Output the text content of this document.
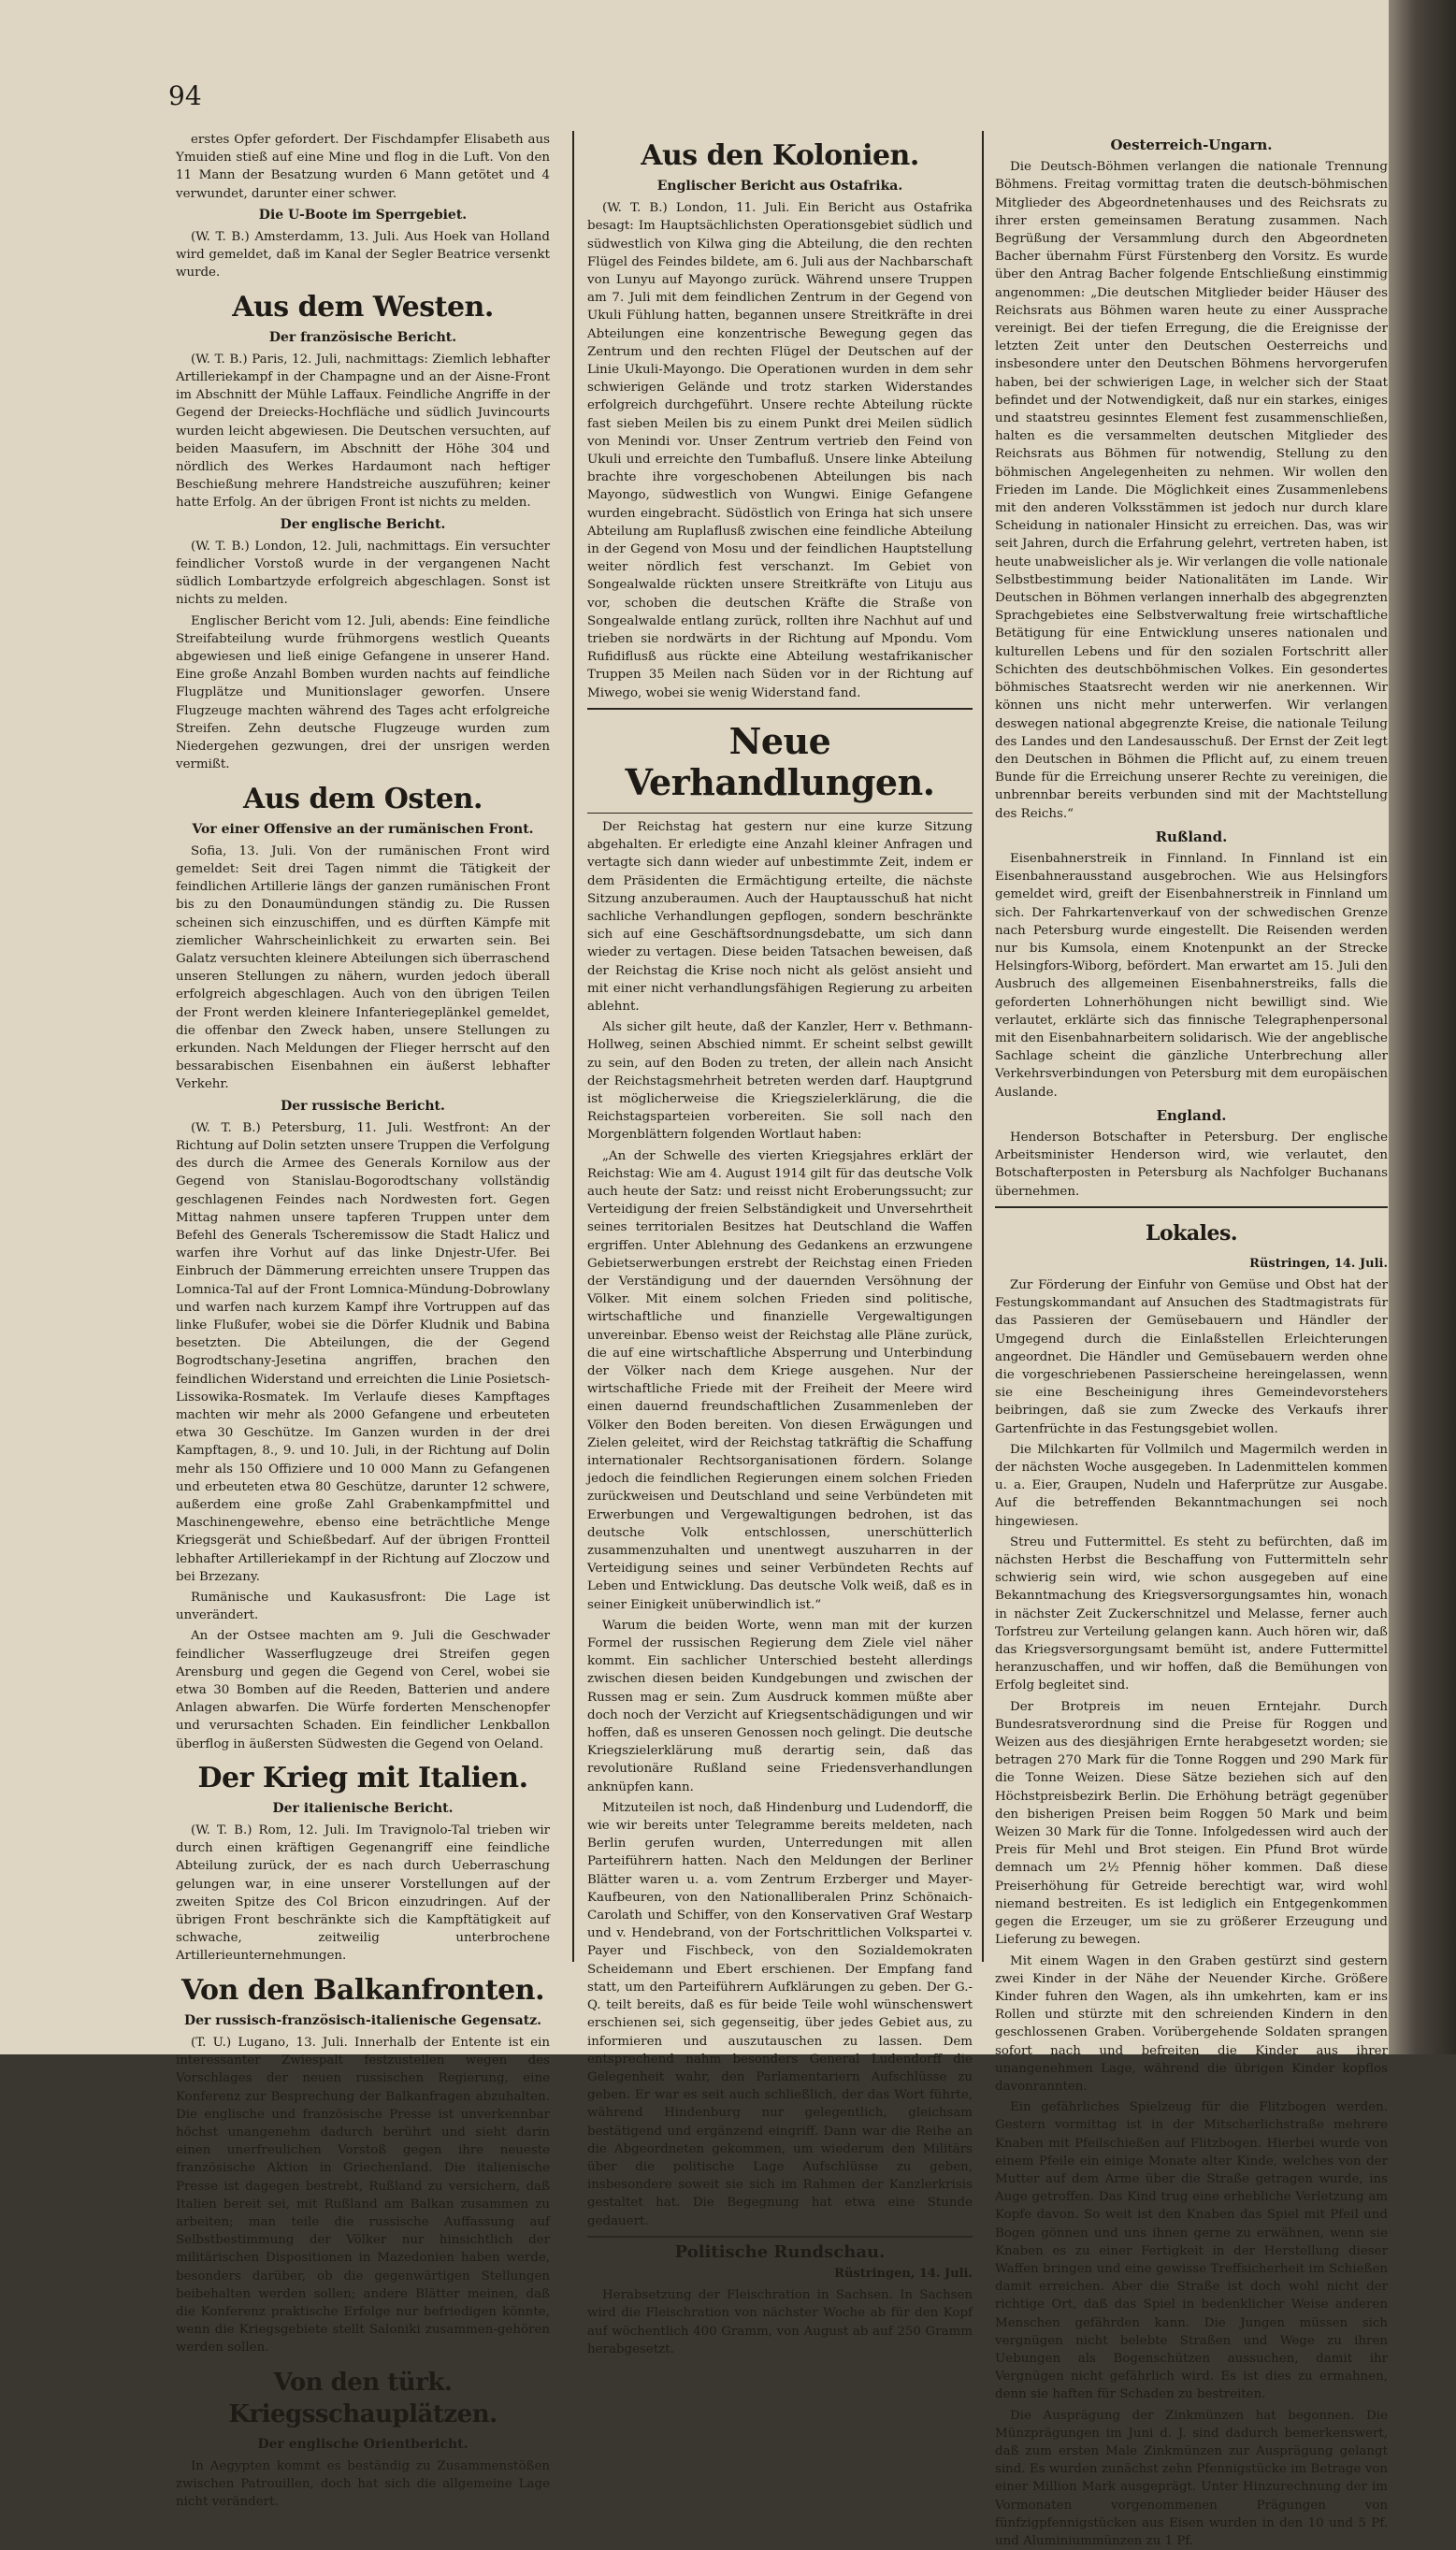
94

erstes Opfer gefordert. Der Fischdampfer Elisabeth aus Ymuiden stieß auf eine Mine und flog in die Luft. Von den 11 Mann der Besatzung wurden 6 Mann getötet und 4 verwundet, darunter einer schwer.

Die U-Boote im Sperrgebiet.

(W. T. B.) Amsterdamm, 13. Juli. Aus Hoek van Holland wird gemeldet, daß im Kanal der Segler Beatrice versenkt wurde.

Aus dem Westen.
Der französische Bericht.

(W. T. B.) Paris, 12. Juli, nachmittags: Ziemlich lebhafter Artilleriekampf in der Champagne und an der Aisne-Front im Abschnitt der Mühle Laffaux. Feindliche Angriffe in der Gegend der Dreiecks-Hochfläche und südlich Juvincourts wurden leicht abgewiesen. Die Deutschen versuchten, auf beiden Maasufern, im Abschnitt der Höhe 304 und nördlich des Werkes Hardaumont nach heftiger Beschießung mehrere Handstreiche auszuführen; keiner hatte Erfolg. An der übrigen Front ist nichts zu melden.

Der englische Bericht.

(W. T. B.) London, 12. Juli, nachmittags. Ein versuchter feindlicher Vorstoß wurde in der vergangenen Nacht südlich Lombartzyde erfolgreich abgeschlagen. Sonst ist nichts zu melden.

Englischer Bericht vom 12. Juli, abends: Eine feindliche Streifabteilung wurde frühmorgens westlich Queants abgewiesen und ließ einige Gefangene in unserer Hand. Eine große Anzahl Bomben wurden nachts auf feindliche Flugplätze und Munitionslager geworfen. Unsere Flugzeuge machten während des Tages acht erfolgreiche Streifen. Zehn deutsche Flugzeuge wurden zum Niedergehen gezwungen, drei der unsrigen werden vermißt.

Aus dem Osten.
Vor einer Offensive an der rumänischen Front.

Sofia, 13. Juli. Von der rumänischen Front wird gemeldet: Seit drei Tagen nimmt die Tätigkeit der feindlichen Artillerie längs der ganzen rumänischen Front bis zu den Donaumündungen ständig zu. Die Russen scheinen sich einzuschiffen, und es dürften Kämpfe mit ziemlicher Wahrscheinlichkeit zu erwarten sein. Bei Galatz versuchten kleinere Abteilungen sich überraschend unseren Stellungen zu nähern, wurden jedoch überall erfolgreich abgeschlagen. Auch von den übrigen Teilen der Front werden kleinere Infanteriegeplänkel gemeldet, die offenbar den Zweck haben, unsere Stellungen zu erkunden. Nach Meldungen der Flieger herrscht auf den bessarabischen Eisenbahnen ein äußerst lebhafter Verkehr.

Der russische Bericht.

(W. T. B.) Petersburg, 11. Juli. Westfront: An der Richtung auf Dolin setzten unsere Truppen die Verfolgung des durch die Armee des Generals Kornilow aus der Gegend von Stanislau-Bogorodtschany vollständig geschlagenen Feindes nach Nordwesten fort. Gegen Mittag nahmen unsere tapferen Truppen unter dem Befehl des Generals Tscheremissow die Stadt Halicz und warfen ihre Vorhut auf das linke Dnjestr-Ufer. Bei Einbruch der Dämmerung erreichten unsere Truppen das Lomnica-Tal auf der Front Lomnica-Mündung-Dobrowlany und warfen nach kurzem Kampf ihre Vortruppen auf das linke Flußufer, wobei sie die Dörfer Kludnik und Babina besetzten. Die Abteilungen, die der Gegend Bogrodtschany-Jesetina angriffen, brachen den feindlichen Widerstand und erreichten die Linie Posietsch-Lissowika-Rosmatek. Im Verlaufe dieses Kampftages machten wir mehr als 2000 Gefangene und erbeuteten etwa 30 Geschütze. Im Ganzen wurden in der drei Kampftagen, 8., 9. und 10. Juli, in der Richtung auf Dolin mehr als 150 Offiziere und 10 000 Mann zu Gefangenen und erbeuteten etwa 80 Geschütze, darunter 12 schwere, außerdem eine große Zahl Grabenkampfmittel und Maschinengewehre, ebenso eine beträchtliche Menge Kriegsgerät und Schießbedarf. Auf der übrigen Frontteil lebhafter Artilleriekampf in der Richtung auf Zloczow und bei Brzezany.

Rumänische und Kaukasusfront: Die Lage ist unverändert.

An der Ostsee machten am 9. Juli die Geschwader feindlicher Wasserflugzeuge drei Streifen gegen Arensburg und gegen die Gegend von Cerel, wobei sie etwa 30 Bomben auf die Reeden, Batterien und andere Anlagen abwarfen. Die Würfe forderten Menschenopfer und verursachten Schaden. Ein feindlicher Lenkballon überflog in äußersten Südwesten die Gegend von Oeland.

Der Krieg mit Italien.
Der italienische Bericht.

(W. T. B.) Rom, 12. Juli. Im Travignolo-Tal trieben wir durch einen kräftigen Gegenangriff eine feindliche Abteilung zurück, der es nach durch Ueberraschung gelungen war, in eine unserer Vorstellungen auf der zweiten Spitze des Col Bricon einzudringen. Auf der übrigen Front beschränkte sich die Kampftätigkeit auf schwache, zeitweilig unterbrochene Artillerieunternehmungen.

Von den Balkanfronten.
Der russisch-französisch-italienische Gegensatz.

(T. U.) Lugano, 13. Juli. Innerhalb der Entente ist ein interessanter Zwiespalt festzustellen wegen des Vorschlages der neuen russischen Regierung, eine Konferenz zur Besprechung der Balkanfragen abzuhalten. Die englische und französische Presse ist unverkennbar höchst unangenehm dadurch berührt und sieht darin einen unerfreulichen Vorstoß gegen ihre neueste französische Aktion in Griechenland. Die italienische Presse ist dagegen bestrebt, Rußland zu versichern, daß Italien bereit sei, mit Rußland am Balkan zusammen zu arbeiten; man teile die russische Auffassung auf Selbstbestimmung der Völker nur hinsichtlich der militärischen Dispositionen in Mazedonien haben werde, besonders darüber, ob die gegenwärtigen Stellungen beibehalten werden sollen; andere Blätter meinen, daß die Konferenz praktische Erfolge nur befriedigen könnte, wenn die Kriegsgebiete stellt Saloniki zusammen-gehören werden sollen.

Von den türk. Kriegsschauplätzen.
Der englische Orientbericht.

In Aegypten kommt es beständig zu Zusammenstößen zwischen Patrouillen, doch hat sich die allgemeine Lage nicht verändert.

Aus den Kolonien.
Englischer Bericht aus Ostafrika.

(W. T. B.) London, 11. Juli. Ein Bericht aus Ostafrika besagt: Im Hauptsächlichsten Operationsgebiet südlich und südwestlich von Kilwa ging die Abteilung, die den rechten Flügel des Feindes bildete, am 6. Juli aus der Nachbarschaft von Lunyu auf Mayongo zurück. Während unsere Truppen am 7. Juli mit dem feindlichen Zentrum in der Gegend von Ukuli Fühlung hatten, begannen unsere Streitkräfte in drei Abteilungen eine konzentrische Bewegung gegen das Zentrum und den rechten Flügel der Deutschen auf der Linie Ukuli-Mayongo. Die Operationen wurden in dem sehr schwierigen Gelände und trotz starken Widerstandes erfolgreich durchgeführt. Unsere rechte Abteilung rückte fast sieben Meilen bis zu einem Punkt drei Meilen südlich von Menindi vor. Unser Zentrum vertrieb den Feind von Ukuli und erreichte den Tumbafluß. Unsere linke Abteilung brachte ihre vorgeschobenen Abteilungen bis nach Mayongo, südwestlich von Wungwi. Einige Gefangene wurden eingebracht. Südöstlich von Eringa hat sich unsere Abteilung am Ruplaflusß zwischen eine feindliche Abteilung in der Gegend von Mosu und der feindlichen Hauptstellung weiter nördlich fest verschanzt. Im Gebiet von Songealwalde rückten unsere Streitkräfte von Lituju aus vor, schoben die deutschen Kräfte die Straße von Songealwalde entlang zurück, rollten ihre Nachhut auf und trieben sie nordwärts in der Richtung auf Mpondu. Vom Rufidiflusß aus rückte eine Abteilung westafrikanischer Truppen 35 Meilen nach Süden vor in der Richtung auf Miwego, wobei sie wenig Widerstand fand.

Neue Verhandlungen.

Der Reichstag hat gestern nur eine kurze Sitzung abgehalten. Er erledigte eine Anzahl kleiner Anfragen und vertagte sich dann wieder auf unbestimmte Zeit, indem er dem Präsidenten die Ermächtigung erteilte, die nächste Sitzung anzuberaumen. Auch der Hauptausschuß hat nicht sachliche Verhandlungen gepflogen, sondern beschränkte sich auf eine Geschäftsordnungsdebatte, um sich dann wieder zu vertagen. Diese beiden Tatsachen beweisen, daß der Reichstag die Krise noch nicht als gelöst ansieht und mit einer nicht verhandlungsfähigen Regierung zu arbeiten ablehnt.

Als sicher gilt heute, daß der Kanzler, Herr v. Bethmann-Hollweg, seinen Abschied nimmt. Er scheint selbst gewillt zu sein, auf den Boden zu treten, der allein nach Ansicht der Reichstagsmehrheit betreten werden darf. Hauptgrund ist möglicherweise die Kriegszielerklärung, die die Reichstagsparteien vorbereiten. Sie soll nach den Morgenblättern folgenden Wortlaut haben:

„An der Schwelle des vierten Kriegsjahres erklärt der Reichstag: Wie am 4. August 1914 gilt für das deutsche Volk auch heute der Satz: und reisst nicht Eroberungssucht; zur Verteidigung der freien Selbständigkeit und Unversehrtheit seines territorialen Besitzes hat Deutschland die Waffen ergriffen. Unter Ablehnung des Gedankens an erzwungene Gebietserwerbungen erstrebt der Reichstag einen Frieden der Verständigung und der dauernden Versöhnung der Völker. Mit einem solchen Frieden sind politische, wirtschaftliche und finanzielle Vergewaltigungen unvereinbar. Ebenso weist der Reichstag alle Pläne zurück, die auf eine wirtschaftliche Absperrung und Unterbindung der Völker nach dem Kriege ausgehen. Nur der wirtschaftliche Friede mit der Freiheit der Meere wird einen dauernd freundschaftlichen Zusammenleben der Völker den Boden bereiten. Von diesen Erwägungen und Zielen geleitet, wird der Reichstag tatkräftig die Schaffung internationaler Rechtsorganisationen fördern. Solange jedoch die feindlichen Regierungen einem solchen Frieden zurückweisen und Deutschland und seine Verbündeten mit Erwerbungen und Vergewaltigungen bedrohen, ist das deutsche Volk entschlossen, unerschütterlich zusammenzuhalten und unentwegt auszuharren in der Verteidigung seines und seiner Verbündeten Rechts auf Leben und Entwicklung. Das deutsche Volk weiß, daß es in seiner Einigkeit unüberwindlich ist.“

Warum die beiden Worte, wenn man mit der kurzen Formel der russischen Regierung dem Ziele viel näher kommt. Ein sachlicher Unterschied besteht allerdings zwischen diesen beiden Kundgebungen und zwischen der Russen mag er sein. Zum Ausdruck kommen müßte aber doch noch der Verzicht auf Kriegsentschädigungen und wir hoffen, daß es unseren Genossen noch gelingt. Die deutsche Kriegszielerklärung muß derartig sein, daß das revolutionäre Rußland seine Friedensverhandlungen anknüpfen kann.

Mitzuteilen ist noch, daß Hindenburg und Ludendorff, die wie wir bereits unter Telegramme bereits meldeten, nach Berlin gerufen wurden, Unterredungen mit allen Parteiführern hatten. Nach den Meldungen der Berliner Blätter waren u. a. vom Zentrum Erzberger und Mayer-Kaufbeuren, von den Nationalliberalen Prinz Schönaich-Carolath und Schiffer, von den Konservativen Graf Westarp und v. Hendebrand, von der Fortschrittlichen Volkspartei v. Payer und Fischbeck, von den Sozialdemokraten Scheidemann und Ebert erschienen. Der Empfang fand statt, um den Parteiführern Aufklärungen zu geben. Der G.-Q. teilt bereits, daß es für beide Teile wohl wünschenswert erschienen sei, sich gegenseitig, über jedes Gebiet aus, zu informieren und auszutauschen zu lassen. Dem entsprechend nahm besonders General Ludendorff die Gelegenheit wahr, den Parlamentariern Aufschlüsse zu geben. Er war es seit auch schließlich, der das Wort führte, während Hindenburg nur gelegentlich, gleichsam bestätigend und ergänzend eingriff. Dann war die Reihe an die Abgeordneten gekommen, um wiederum den Militärs über die politische Lage Aufschlüsse zu geben, insbesondere soweit sie sich im Rahmen der Kanzlerkrisis gestaltet hat. Die Begegnung hat etwa eine Stunde gedauert.

Politische Rundschau.
Rüstringen, 14. Juli.

Herabsetzung der Fleischration in Sachsen. In Sachsen wird die Fleischration von nächster Woche ab für den Kopf auf wöchentlich 400 Gramm, von August ab auf 250 Gramm herabgesetzt.

Oesterreich-Ungarn.

Die Deutsch-Böhmen verlangen die nationale Trennung Böhmens. Freitag vormittag traten die deutsch-böhmischen Mitglieder des Abgeordnetenhauses und des Reichsrats zu ihrer ersten gemeinsamen Beratung zusammen. Nach Begrüßung der Versammlung durch den Abgeordneten Bacher übernahm Fürst Fürstenberg den Vorsitz. Es wurde über den Antrag Bacher folgende Entschließung einstimmig angenommen: „Die deutschen Mitglieder beider Häuser des Reichsrats aus Böhmen waren heute zu einer Aussprache vereinigt. Bei der tiefen Erregung, die die Ereignisse der letzten Zeit unter den Deutschen Oesterreichs und insbesondere unter den Deutschen Böhmens hervorgerufen haben, bei der schwierigen Lage, in welcher sich der Staat befindet und der Notwendigkeit, daß nur ein starkes, einiges und staatstreu gesinntes Element fest zusammenschließen, halten es die versammelten deutschen Mitglieder des Reichsrats aus Böhmen für notwendig, Stellung zu den böhmischen Angelegenheiten zu nehmen. Wir wollen den Frieden im Lande. Die Möglichkeit eines Zusammenlebens mit den anderen Volksstämmen ist jedoch nur durch klare Scheidung in nationaler Hinsicht zu erreichen. Das, was wir seit Jahren, durch die Erfahrung gelehrt, vertreten haben, ist heute unabweislicher als je. Wir verlangen die volle nationale Selbstbestimmung beider Nationalitäten im Lande. Wir Deutschen in Böhmen verlangen innerhalb des abgegrenzten Sprachgebietes eine Selbstverwaltung freie wirtschaftliche Betätigung für eine Entwicklung unseres nationalen und kulturellen Lebens und für den sozialen Fortschritt aller Schichten des deutschböhmischen Volkes. Ein gesondertes böhmisches Staatsrecht werden wir nie anerkennen. Wir können uns nicht mehr unterwerfen. Wir verlangen deswegen national abgegrenzte Kreise, die nationale Teilung des Landes und den Landesausschuß. Der Ernst der Zeit legt den Deutschen in Böhmen die Pflicht auf, zu einem treuen Bunde für die Erreichung unserer Rechte zu vereinigen, die unbrennbar bereits verbunden sind mit der Machtstellung des Reichs.“

Rußland.

Eisenbahnerstreik in Finnland. In Finnland ist ein Eisenbahnerausstand ausgebrochen. Wie aus Helsingfors gemeldet wird, greift der Eisenbahnerstreik in Finnland um sich. Der Fahrkartenverkauf von der schwedischen Grenze nach Petersburg wurde eingestellt. Die Reisenden werden nur bis Kumsola, einem Knotenpunkt an der Strecke Helsingfors-Wiborg, befördert. Man erwartet am 15. Juli den Ausbruch des allgemeinen Eisenbahnerstreiks, falls die geforderten Lohnerhöhungen nicht bewilligt sind. Wie verlautet, erklärte sich das finnische Telegraphenpersonal mit den Eisenbahnarbeitern solidarisch. Wie der angeblische Sachlage scheint die gänzliche Unterbrechung aller Verkehrsverbindungen von Petersburg mit dem europäischen Auslande.

England.

Henderson Botschafter in Petersburg. Der englische Arbeitsminister Henderson wird, wie verlautet, den Botschafterposten in Petersburg als Nachfolger Buchanans übernehmen.

Lokales.
Rüstringen, 14. Juli.

Zur Förderung der Einfuhr von Gemüse und Obst hat der Festungskommandant auf Ansuchen des Stadtmagistrats für das Passieren der Gemüsebauern und Händler der Umgegend durch die Einlaßstellen Erleichterungen angeordnet. Die Händler und Gemüsebauern werden ohne die vorgeschriebenen Passierscheine hereingelassen, wenn sie eine Bescheinigung ihres Gemeindevorstehers beibringen, daß sie zum Zwecke des Verkaufs ihrer Gartenfrüchte in das Festungsgebiet wollen.

Die Milchkarten für Vollmilch und Magermilch werden in der nächsten Woche ausgegeben. In Ladenmittelen kommen u. a. Eier, Graupen, Nudeln und Haferprütze zur Ausgabe. Auf die betreffenden Bekanntmachungen sei noch hingewiesen.

Streu und Futtermittel. Es steht zu befürchten, daß im nächsten Herbst die Beschaffung von Futtermitteln sehr schwierig sein wird, wie schon ausgegeben auf eine Bekanntmachung des Kriegsversorgungsamtes hin, wonach in nächster Zeit Zuckerschnitzel und Melasse, ferner auch Torfstreu zur Verteilung gelangen kann. Auch hören wir, daß das Kriegsversorgungsamt bemüht ist, andere Futtermittel heranzuschaffen, und wir hoffen, daß die Bemühungen von Erfolg begleitet sind.

Der Brotpreis im neuen Erntejahr. Durch Bundesratsverordnung sind die Preise für Roggen und Weizen aus des diesjährigen Ernte herabgesetzt worden; sie betragen 270 Mark für die Tonne Roggen und 290 Mark für die Tonne Weizen. Diese Sätze beziehen sich auf den Höchstpreisbezirk Berlin. Die Erhöhung beträgt gegenüber den bisherigen Preisen beim Roggen 50 Mark und beim Weizen 30 Mark für die Tonne. Infolgedessen wird auch der Preis für Mehl und Brot steigen. Ein Pfund Brot würde demnach um 2½ Pfennig höher kommen. Daß diese Preiserhöhung für Getreide berechtigt war, wird wohl niemand bestreiten. Es ist lediglich ein Entgegenkommen gegen die Erzeuger, um sie zu größerer Erzeugung und Lieferung zu bewegen.

Mit einem Wagen in den Graben gestürzt sind gestern zwei Kinder in der Nähe der Neuender Kirche. Größere Kinder fuhren den Wagen, als ihn umkehrten, kam er ins Rollen und stürzte mit den schreienden Kindern in den geschlossenen Graben. Vorübergehende Soldaten sprangen sofort nach und befreiten die Kinder aus ihrer unangenehmen Lage, während die übrigen Kinder kopflos davonrannten.

Ein gefährliches Spielzeug für die Flitzbogen werden. Gestern vormittag ist in der Mitscherlichstraße mehrere Knaben mit Pfeilschießen auf Flitzbogen. Hierbei wurde von einem Pfeile ein einige Monate alter Kinde, welches von der Mutter auf dem Arme über die Straße getragen wurde, ins Auge getroffen. Das Kind trug eine erhebliche Verletzung am Kopfe davon. So weit ist den Knaben das Spiel mit Pfeil und Bogen gönnen und uns ihnen gerne zu erwähnen, wenn sie Knaben es zu einer Fertigkeit in der Herstellung dieser Waffen bringen und eine gewisse Treffsicherheit im Schießen damit erreichen. Aber die Straße ist doch wohl nicht der richtige Ort, daß das Spiel in bedenklicher Weise anderen Menschen gefährden kann. Die Jungen müssen sich vergnügen nicht belebte Straßen und Wege zu ihren Uebungen als Bogenschützen aussuchen, damit ihr Vergnügen nicht gefährlich wird. Es ist dies zu ermahnen, denn sie haften für Schaden zu bestreiten.

Die Ausprägung der Zinkmünzen hat begonnen. Die Münzprägungen im Juni d. J. sind dadurch bemerkenswert, daß zum ersten Male Zinkmünzen zur Ausprägung gelangt sind. Es wurden zunächst zehn Pfennigstücke im Betrage von einer Million Mark ausgeprägt. Unter Hinzurechnung der im Vormonaten vorgenommenen Prägungen von fünfzigpfennigstücken aus Eisen wurden in den 10 und 5 Pf. und Aluminiummünzen zu 1 Pf.
